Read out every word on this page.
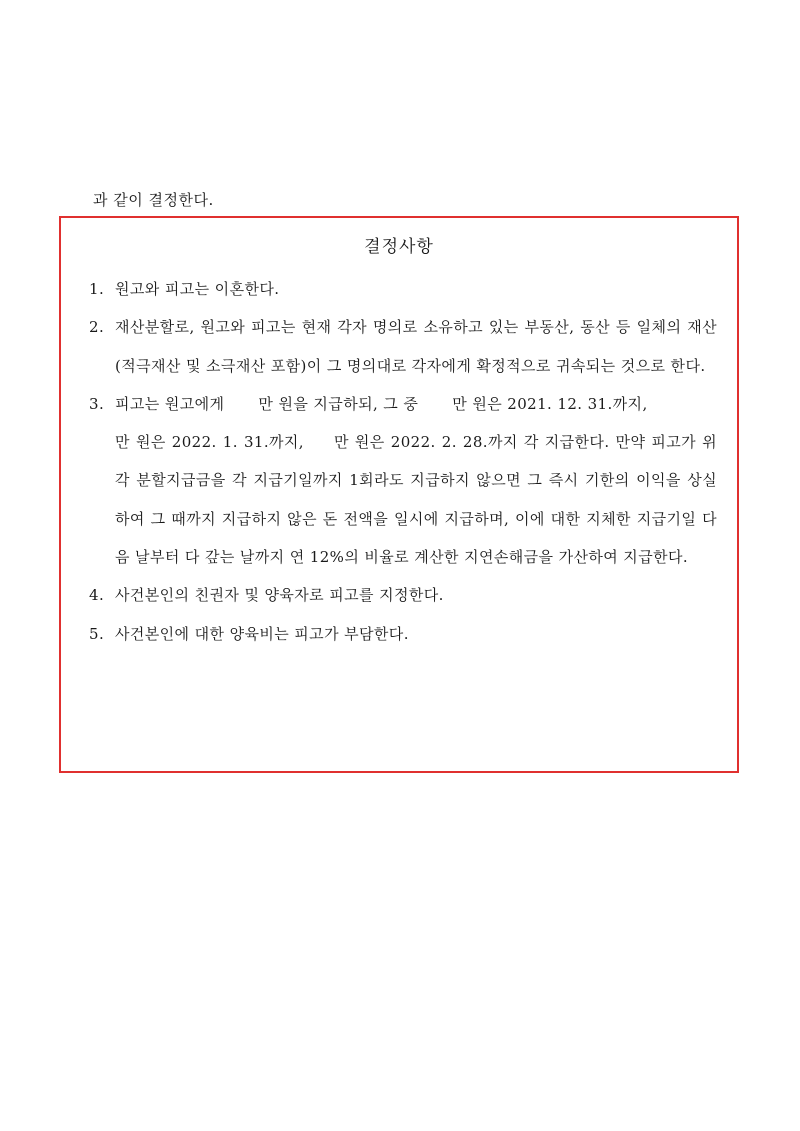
과 같이 결정한다.
결정사항
1. 원고와 피고는 이혼한다.
2. 재산분할로, 원고와 피고는 현재 각자 명의로 소유하고 있는 부동산, 동산 등 일체의 재산(적극재산 및 소극재산 포함)이 그 명의대로 각자에게 확정적으로 귀속되는 것으로 한다.
3. 피고는 원고에게 만 원을 지급하되, 그 중 만 원은 2021. 12. 31.까지,
만 원은 2022. 1. 31.까지, 만 원은 2022. 2. 28.까지 각 지급한다. 만약 피고가 위 각 분할지급금을 각 지급기일까지 1회라도 지급하지 않으면 그 즉시 기한의 이익을 상실하여 그 때까지 지급하지 않은 돈 전액을 일시에 지급하며, 이에 대한 지체한 지급기일 다음 날부터 다 갚는 날까지 연 12%의 비율로 계산한 지연손해금을 가산하여 지급한다.
4. 사건본인의 친권자 및 양육자로 피고를 지정한다.
5. 사건본인에 대한 양육비는 피고가 부담한다.
